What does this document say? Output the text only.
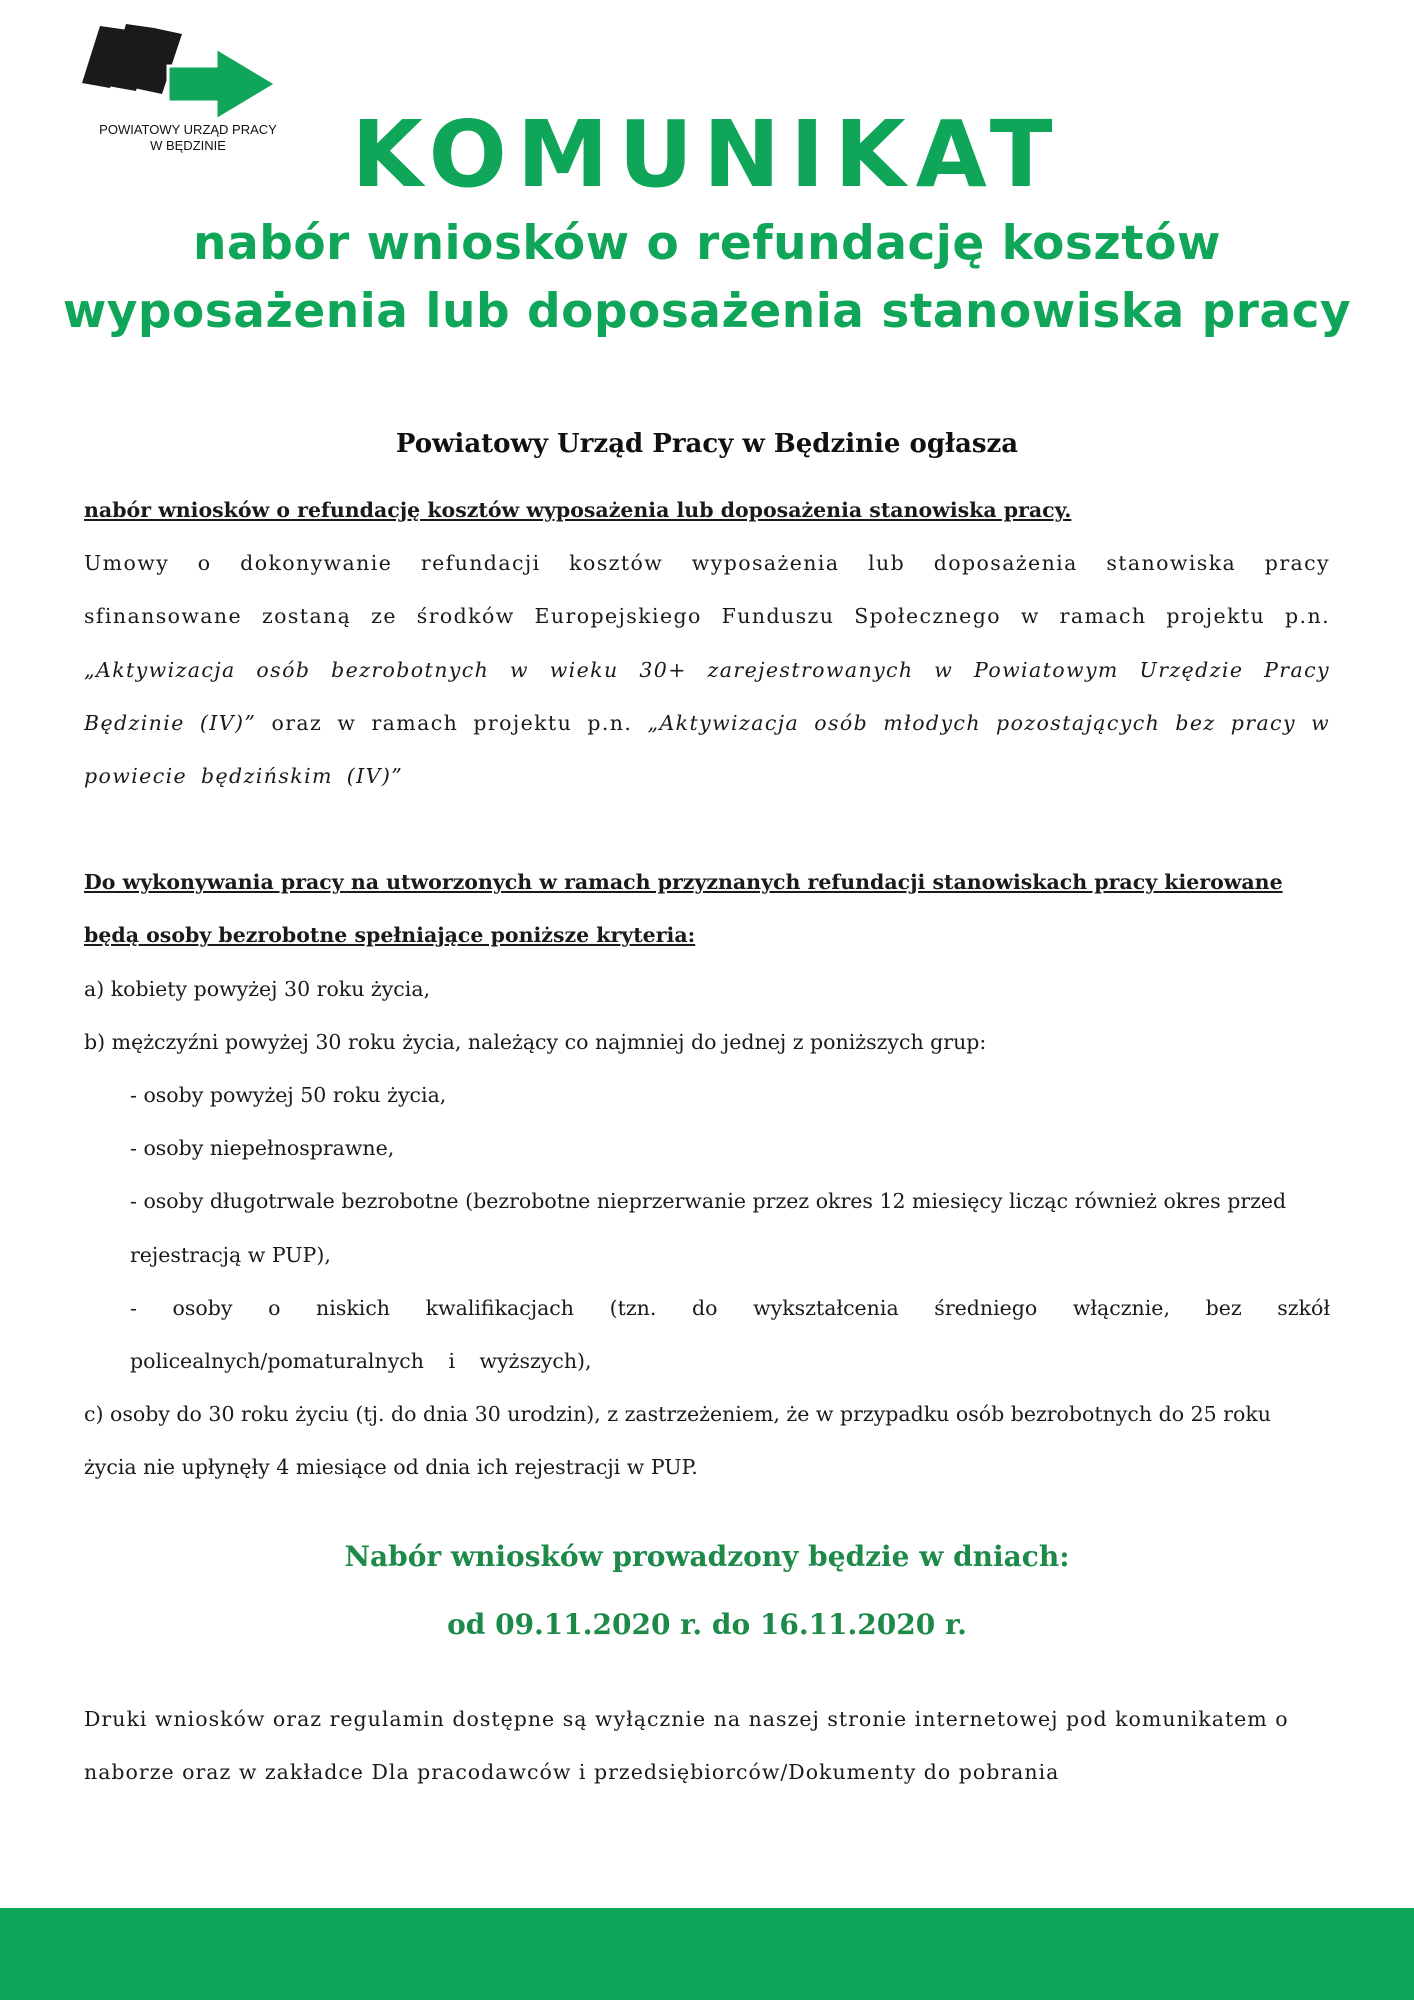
POWIATOWY URZĄD PRACY
W BĘDZINIE	KOMUNIKAT
nabór wniosków o refundację kosztów
wyposażenia lub doposażenia stanowiska pracy
Powiatowy Urząd Pracy w Będzinie ogłasza

nabór wniosków o refundację kosztów wyposażenia lub doposażenia stanowiska pracy.

Umowy o dokonywanie refundacji kosztów wyposażenia lub doposażenia stanowiska pracy sfinansowane zostaną ze środków Europejskiego Funduszu Społecznego w ramach projektu p.n. „Aktywizacja osób bezrobotnych w wieku 30+ zarejestrowanych w Powiatowym Urzędzie Pracy Będzinie (IV)” oraz w ramach projektu p.n. „Aktywizacja osób młodych pozostających bez pracy w powiecie będzińskim (IV)”

Do wykonywania pracy na utworzonych w ramach przyznanych refundacji stanowiskach pracy kierowane będą osoby bezrobotne spełniające poniższe kryteria:

a) kobiety powyżej 30 roku życia,

b) mężczyźni powyżej 30 roku życia, należący co najmniej do jednej z poniższych grup:

- osoby powyżej 50 roku życia,

- osoby niepełnosprawne,

- osoby długotrwale bezrobotne (bezrobotne nieprzerwanie przez okres 12 miesięcy licząc również okres przed rejestracją w PUP),

- osoby o niskich kwalifikacjach (tzn. do wykształcenia średniego włącznie, bez szkół policealnych/pomaturalnych i wyższych),

c) osoby do 30 roku życiu (tj. do dnia 30 urodzin), z zastrzeżeniem, że w przypadku osób bezrobotnych do 25 roku życia nie upłynęły 4 miesiące od dnia ich rejestracji w PUP.

Nabór wniosków prowadzony będzie w dniach:
od 09.11.2020 r. do 16.11.2020 r.

Druki wniosków oraz regulamin dostępne są wyłącznie na naszej stronie internetowej pod komunikatem o naborze oraz w zakładce Dla pracodawców i przedsiębiorców/Dokumenty do pobrania
